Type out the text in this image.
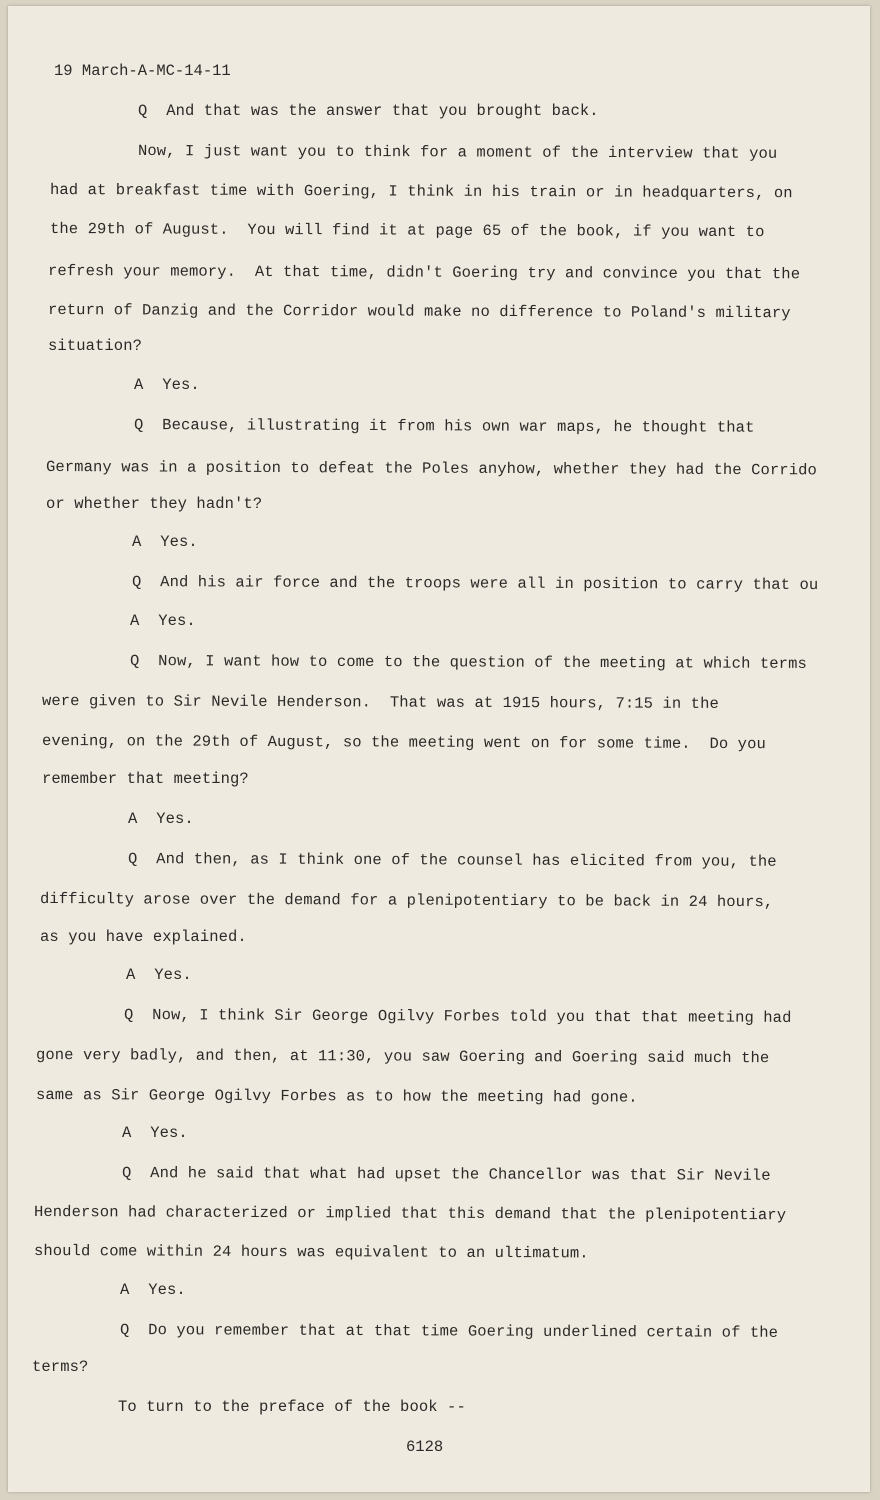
19 March-A-MC-14-11
Q  And that was the answer that you brought back.
Now, I just want you to think for a moment of the interview that you
had at breakfast time with Goering, I think in his train or in headquarters, on
the 29th of August.  You will find it at page 65 of the book, if you want to
refresh your memory.  At that time, didn't Goering try and convince you that the
return of Danzig and the Corridor would make no difference to Poland's military
situation?
A  Yes.
Q  Because, illustrating it from his own war maps, he thought that
Germany was in a position to defeat the Poles anyhow, whether they had the Corrido
or whether they hadn't?
A  Yes.
Q  And his air force and the troops were all in position to carry that ou
A  Yes.
Q  Now, I want how to come to the question of the meeting at which terms
were given to Sir Nevile Henderson.  That was at 1915 hours, 7:15 in the
evening, on the 29th of August, so the meeting went on for some time.  Do you
remember that meeting?
A  Yes.
Q  And then, as I think one of the counsel has elicited from you, the
difficulty arose over the demand for a plenipotentiary to be back in 24 hours,
as you have explained.
A  Yes.
Q  Now, I think Sir George Ogilvy Forbes told you that that meeting had
gone very badly, and then, at 11:30, you saw Goering and Goering said much the
same as Sir George Ogilvy Forbes as to how the meeting had gone.
A  Yes.
Q  And he said that what had upset the Chancellor was that Sir Nevile
Henderson had characterized or implied that this demand that the plenipotentiary
should come within 24 hours was equivalent to an ultimatum.
A  Yes.
Q  Do you remember that at that time Goering underlined certain of the
terms?
To turn to the preface of the book --
6128
